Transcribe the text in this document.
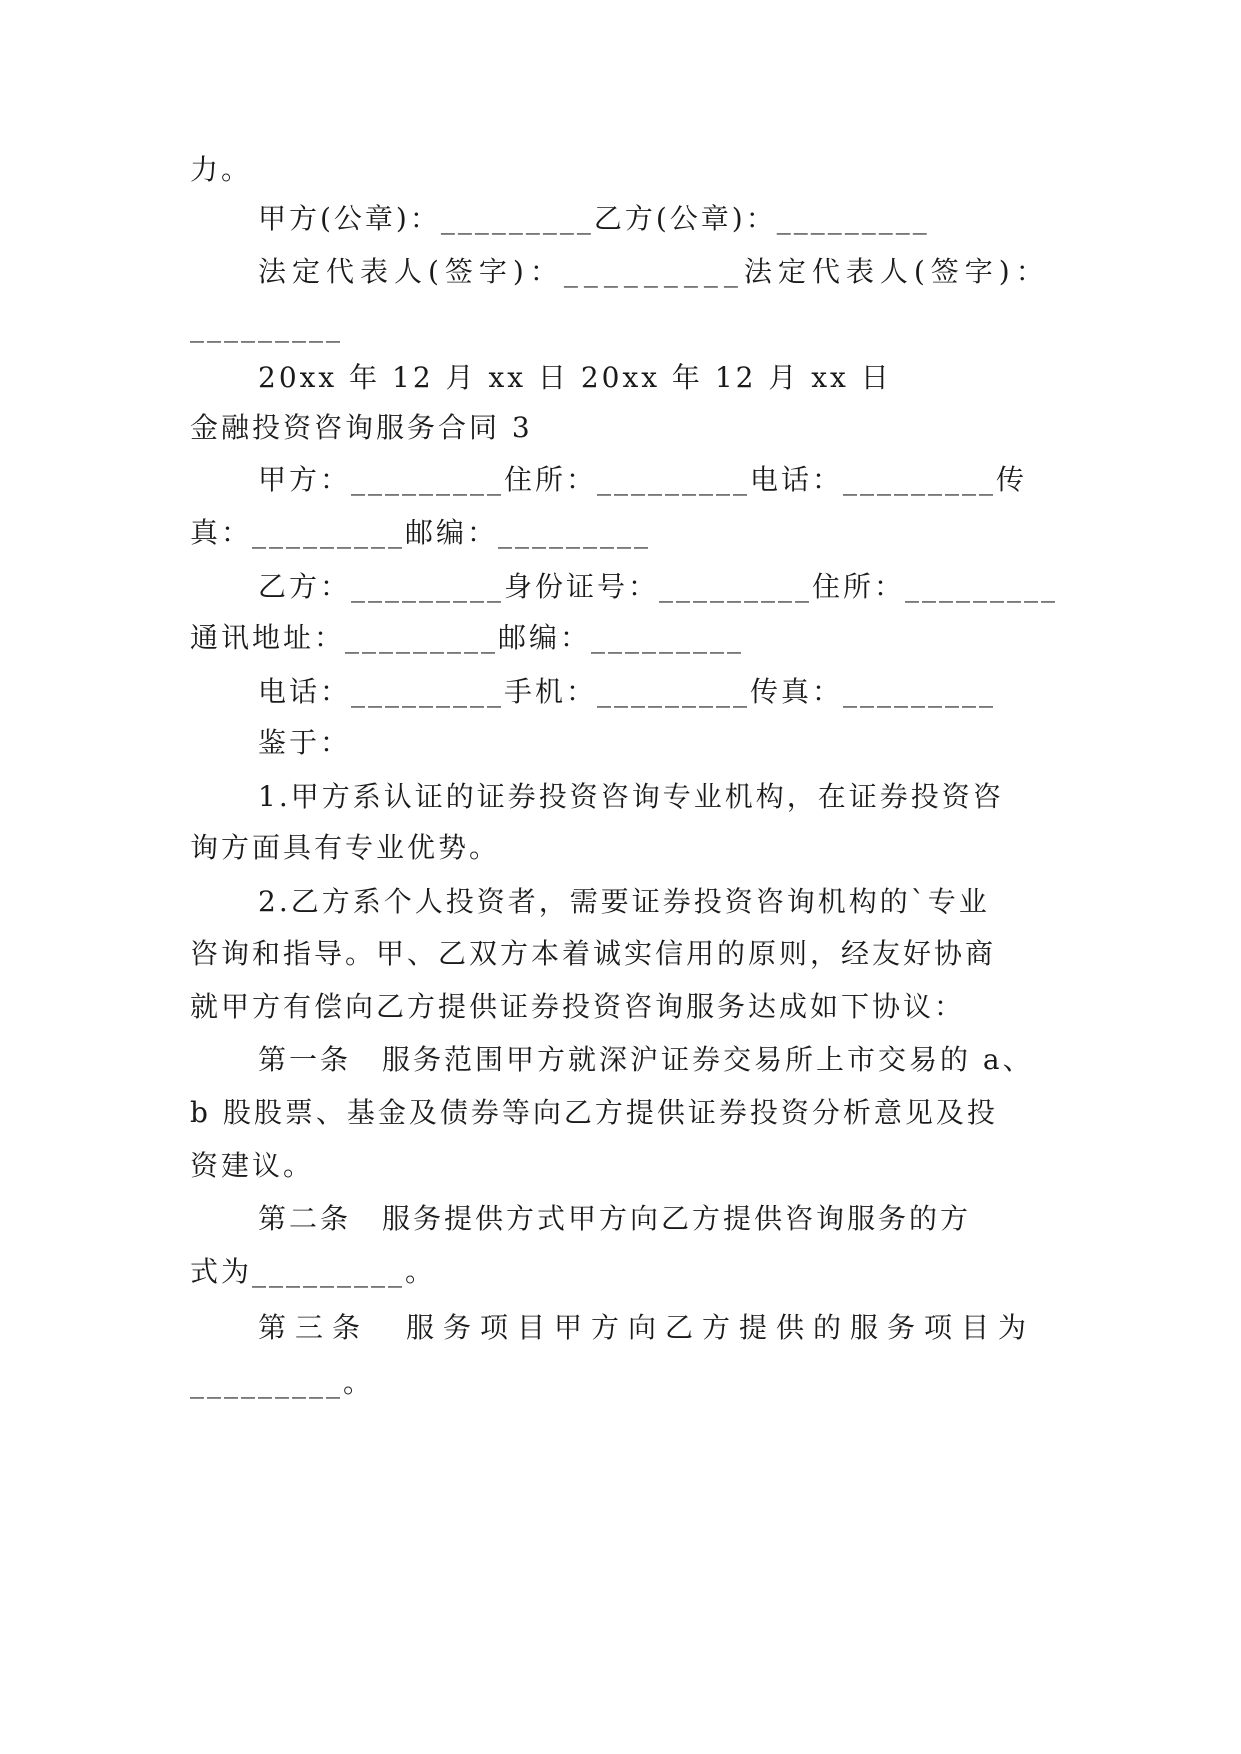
力。

甲方(公章)：_________乙方(公章)：_________

法定代表人(签字)：_________法定代表人(签字)：

_________

20xx 年 12 月 xx 日 20xx 年 12 月 xx 日

金融投资咨询服务合同 3

甲方：_________住所：_________电话：_________传

真：_________邮编：_________

乙方：_________身份证号：_________住所：_________

通讯地址：_________邮编：_________

电话：_________手机：_________传真：_________

鉴于：

1.甲方系认证的证券投资咨询专业机构，在证券投资咨

询方面具有专业优势。

2.乙方系个人投资者，需要证券投资咨询机构的`专业

咨询和指导。甲、乙双方本着诚实信用的原则，经友好协商

就甲方有偿向乙方提供证券投资咨询服务达成如下协议：

第一条　服务范围甲方就深沪证券交易所上市交易的 a、

b 股股票、基金及债券等向乙方提供证券投资分析意见及投

资建议。

第二条　服务提供方式甲方向乙方提供咨询服务的方

式为_________。

第三条　服务项目甲方向乙方提供的服务项目为

_________。
